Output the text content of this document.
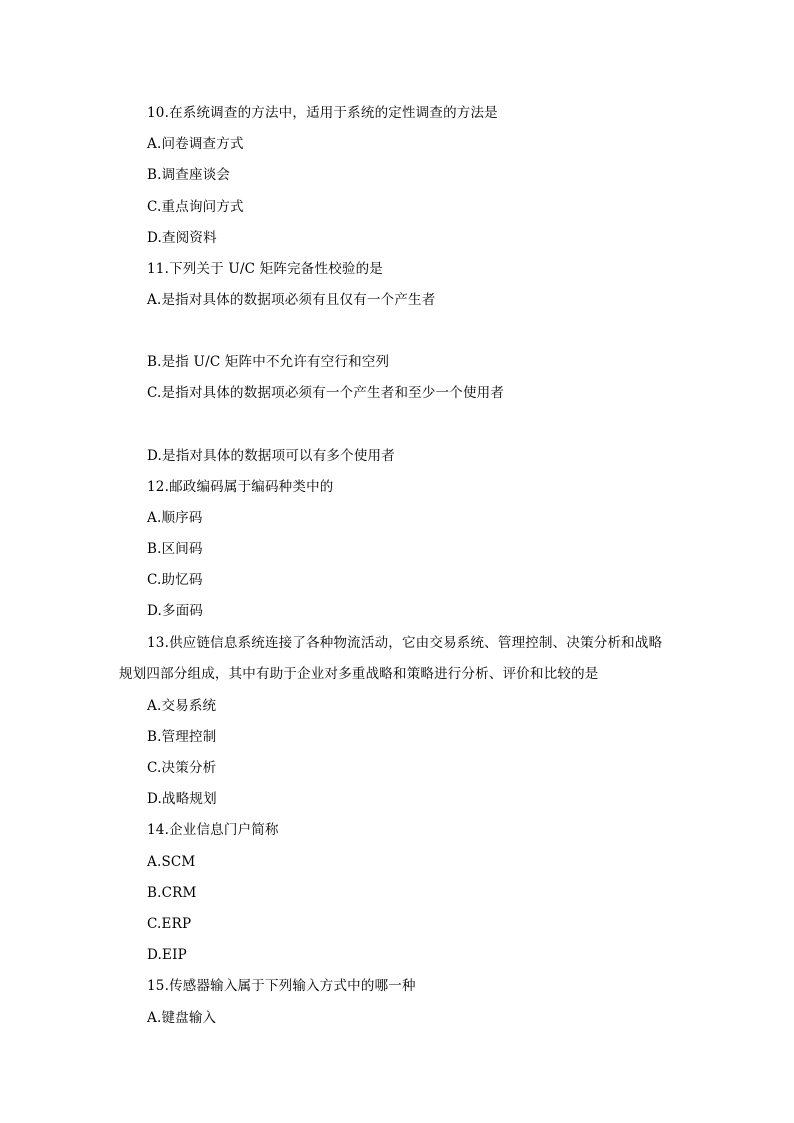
10.在系统调查的方法中，适用于系统的定性调查的方法是
A.问卷调查方式
B.调查座谈会
C.重点询问方式
D.查阅资料
11.下列关于 U/C 矩阵完备性校验的是
A.是指对具体的数据项必须有且仅有一个产生者
B.是指 U/C 矩阵中不允许有空行和空列
C.是指对具体的数据项必须有一个产生者和至少一个使用者
D.是指对具体的数据项可以有多个使用者
12.邮政编码属于编码种类中的
A.顺序码
B.区间码
C.助忆码
D.多面码
13.供应链信息系统连接了各种物流活动，它由交易系统、管理控制、决策分析和战略
规划四部分组成，其中有助于企业对多重战略和策略进行分析、评价和比较的是
A.交易系统
B.管理控制
C.决策分析
D.战略规划
14.企业信息门户简称
A.SCM
B.CRM
C.ERP
D.EIP
15.传感器输入属于下列输入方式中的哪一种
A.键盘输入
